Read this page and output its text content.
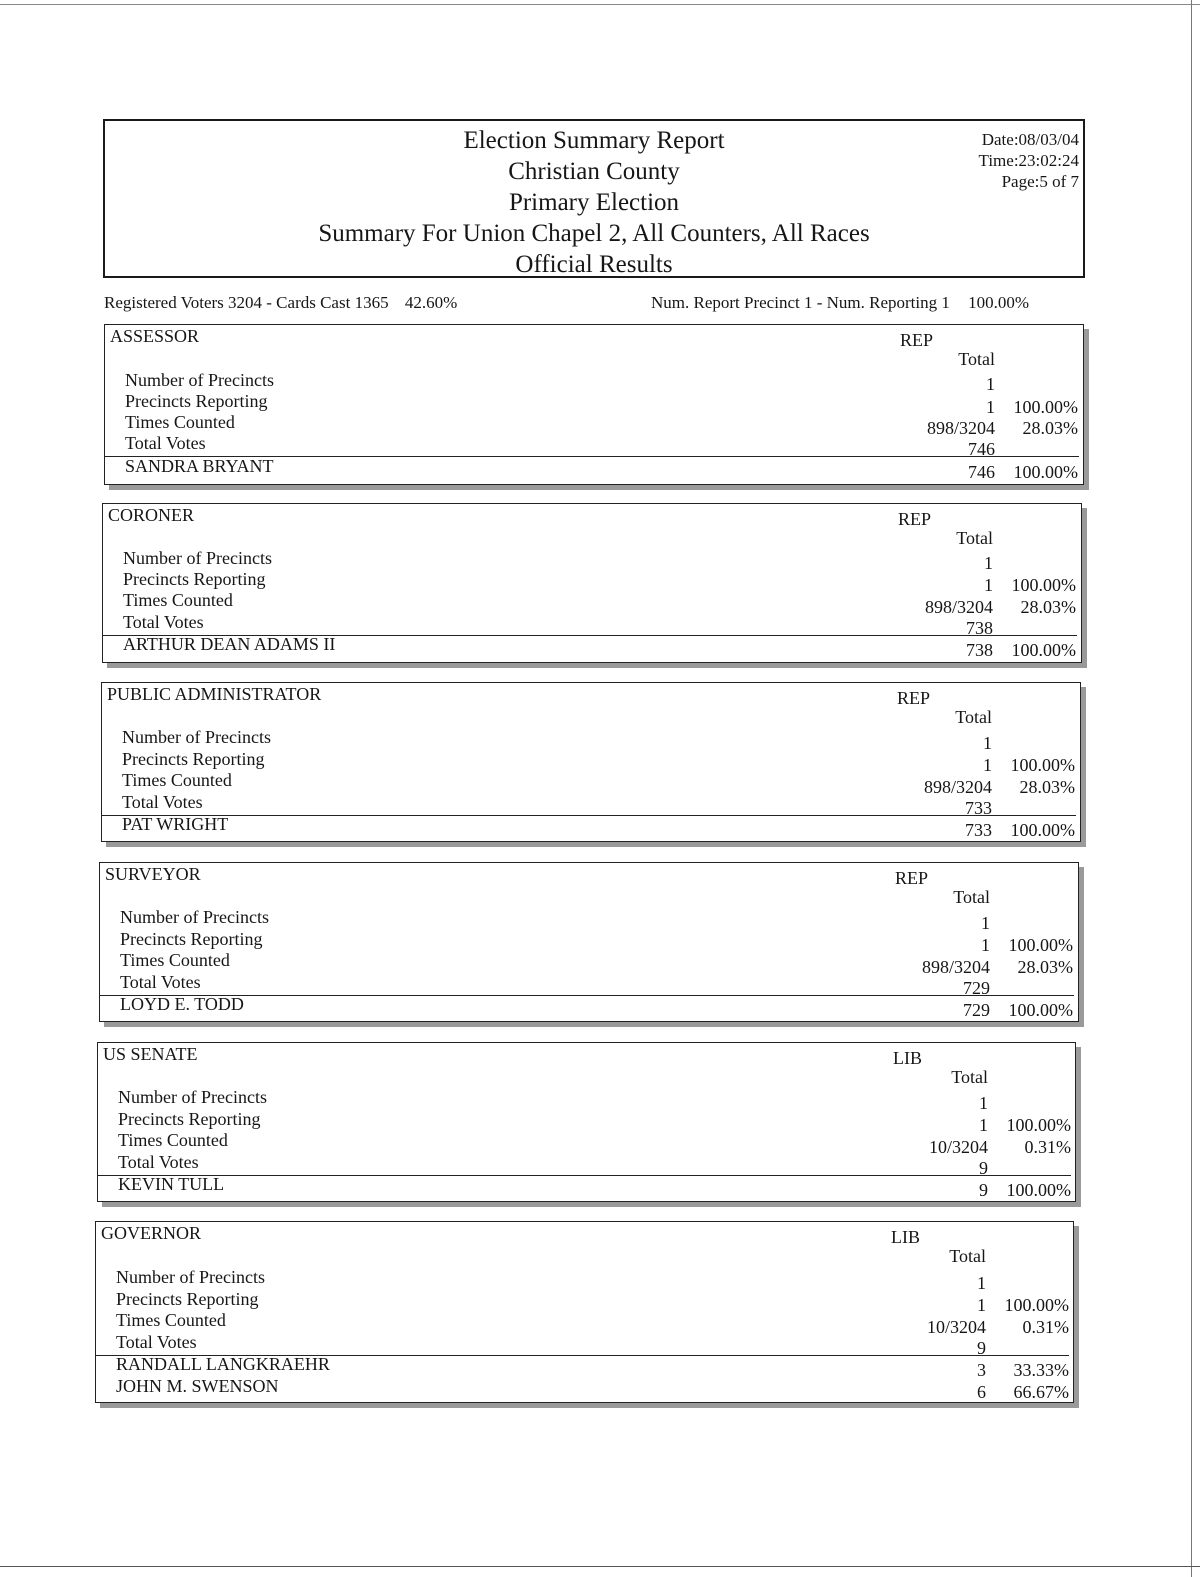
Election Summary Report
Christian County
Primary Election
Summary For Union Chapel 2, All Counters, All Races
Official Results
Date:08/03/04
Time:23:02:24
Page:5 of 7
Registered Voters 3204 - Cards Cast 1365 42.60%	Num. Report Precinct 1 - Num. Reporting 1 100.00%
ASSESSOR	REP
Total
Number of Precincts	1
Precincts Reporting	1	100.00%
Times Counted	898/3204	28.03%
Total Votes	746
SANDRA BRYANT	746	100.00%
CORONER	REP
Total
Number of Precincts	1
Precincts Reporting	1	100.00%
Times Counted	898/3204	28.03%
Total Votes	738
ARTHUR DEAN ADAMS II	738	100.00%
PUBLIC ADMINISTRATOR	REP
Total
Number of Precincts	1
Precincts Reporting	1	100.00%
Times Counted	898/3204	28.03%
Total Votes	733
PAT WRIGHT	733	100.00%
SURVEYOR	REP
Total
Number of Precincts	1
Precincts Reporting	1	100.00%
Times Counted	898/3204	28.03%
Total Votes	729
LOYD E. TODD	729	100.00%
US SENATE	LIB
Total
Number of Precincts	1
Precincts Reporting	1	100.00%
Times Counted	10/3204	0.31%
Total Votes	9
KEVIN TULL	9	100.00%
GOVERNOR	LIB
Total
Number of Precincts	1
Precincts Reporting	1	100.00%
Times Counted	10/3204	0.31%
Total Votes	9
RANDALL LANGKRAEHR	3	33.33%
JOHN M. SWENSON	6	66.67%
